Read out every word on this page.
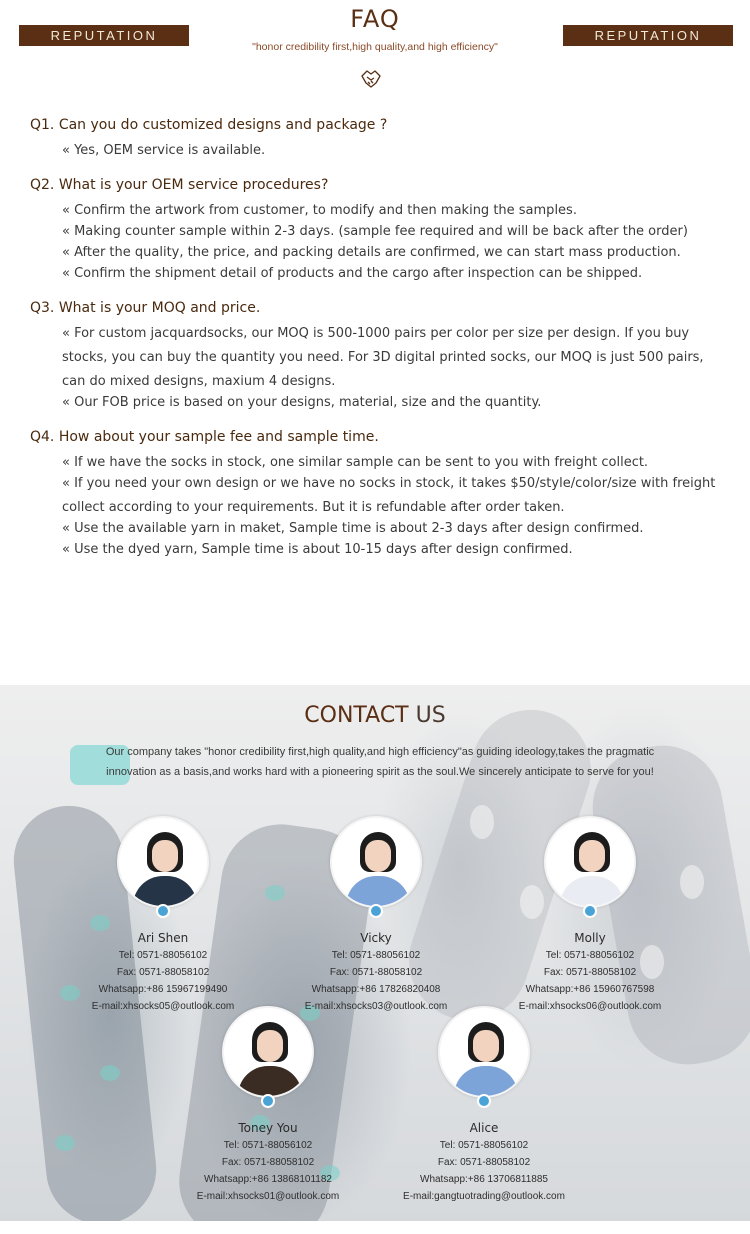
REPUTATION
FAQ
"honor credibility first,high quality,and high efficiency"
REPUTATION
Q1. Can you do customized designs and package ?
« Yes, OEM service is available.
Q2. What is your OEM service procedures?
« Confirm the artwork from customer, to modify and then making the samples.
« Making counter sample within 2-3 days. (sample fee required and will be back after the order)
« After the quality, the price, and packing details are confirmed, we can start mass production.
« Confirm the shipment detail of products and the cargo after inspection can be shipped.
Q3. What is your MOQ and price.
« For custom jacquardsocks, our MOQ is 500-1000 pairs per color per size per design. If you buy stocks, you can buy the quantity you need. For 3D digital printed socks, our MOQ is just 500 pairs, can do mixed designs, maxium 4 designs.
« Our FOB price is based on your designs, material, size and the quantity.
Q4. How about your sample fee and sample time.
« If we have the socks in stock, one similar sample can be sent to you with freight collect.
« If you need your own design or we have no socks in stock, it takes $50/style/color/size with freight collect according to your requirements. But it is refundable after order taken.
« Use the available yarn in maket, Sample time is about 2-3 days after design confirmed.
« Use the dyed yarn, Sample time is about 10-15 days after design confirmed.
CONTACT US
Our company takes "honor credibility first,high quality,and high efficiency"as guiding ideology,takes the pragmatic innovation as a basis,and works hard with a pioneering spirit as the soul.We sincerely anticipate to serve for you!
Ari Shen
Tel: 0571-88056102
Fax: 0571-88058102
Whatsapp:+86 15967199490
E-mail:xhsocks05@outlook.com
Vicky
Tel: 0571-88056102
Fax: 0571-88058102
Whatsapp:+86 17826820408
E-mail:xhsocks03@outlook.com
Molly
Tel: 0571-88056102
Fax: 0571-88058102
Whatsapp:+86 15960767598
E-mail:xhsocks06@outlook.com
Toney You
Tel: 0571-88056102
Fax: 0571-88058102
Whatsapp:+86 13868101182
E-mail:xhsocks01@outlook.com
Alice
Tel: 0571-88056102
Fax: 0571-88058102
Whatsapp:+86 13706811885
E-mail:gangtuotrading@outlook.com
